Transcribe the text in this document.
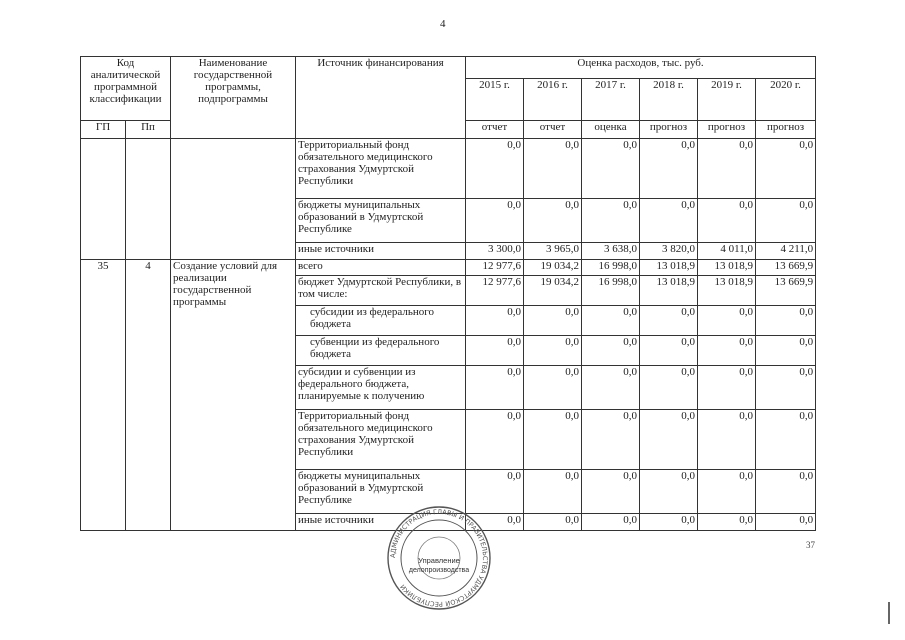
4
Код аналитической программной классификации		Наименование государственной программы, подпрограммы	Источник финансирования	Оценка расходов, тыс. руб.					
				2015 г.	2016 г.	2017 г.	2018 г.	2019 г.	2020 г.
ГП	Пп			отчет	отчет	оценка	прогноз	прогноз	прогноз
			Территориальный фонд обязательного медицинского страхования Удмуртской Республики	0,0	0,0	0,0	0,0	0,0	0,0
			бюджеты муниципальных образований в Удмуртской Республике	0,0	0,0	0,0	0,0	0,0	0,0
			иные источники	3 300,0	3 965,0	3 638,0	3 820,0	4 011,0	4 211,0
35	4	Создание условий для реализации государственной программы	всего	12 977,6	19 034,2	16 998,0	13 018,9	13 018,9	13 669,9
			бюджет Удмуртской Республики, в том числе:	12 977,6	19 034,2	16 998,0	13 018,9	13 018,9	13 669,9
			субсидии из федерального бюджета	0,0	0,0	0,0	0,0	0,0	0,0
			субвенции из федерального бюджета	0,0	0,0	0,0	0,0	0,0	0,0
			субсидии и субвенции из федерального бюджета, планируемые к получению	0,0	0,0	0,0	0,0	0,0	0,0
			Территориальный фонд обязательного медицинского страхования Удмуртской Республики	0,0	0,0	0,0	0,0	0,0	0,0
			бюджеты муниципальных образований в Удмуртской Республике	0,0	0,0	0,0	0,0	0,0	0,0
			иные источники	0,0	0,0	0,0	0,0	0,0	0,0
37
АДМИНИСТРАЦИЯ ГЛАВЫ И ПРАВИТЕЛЬСТВА УДМУРТСКОЙ РЕСПУБЛИКИ
Управление
делопроизводства
